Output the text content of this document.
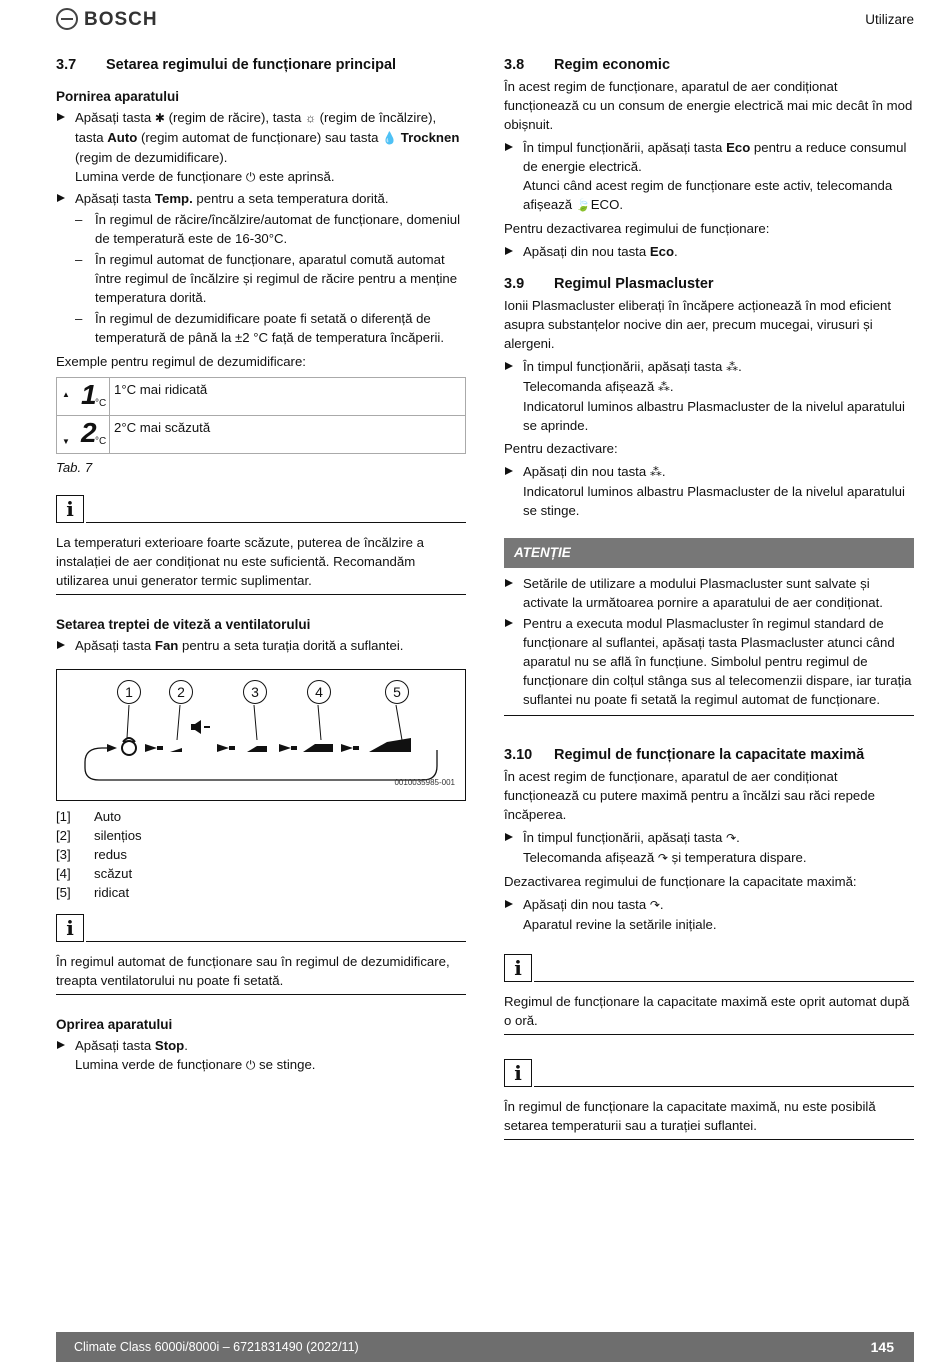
BOSCH	Utilizare
3.7	Setarea regimului de funcționare principal
Pornirea aparatului
Apăsați tasta ✱ (regim de răcire), tasta ☼ (regim de încălzire), tasta Auto (regim automat de funcționare) sau tasta 💧 Trocknen (regim de dezumidificare).
Lumina verde de funcționare ⏻ este aprinsă.
Apăsați tasta Temp. pentru a seta temperatura dorită.
– În regimul de răcire/încălzire/automat de funcționare, domeniul de temperatură este de 16-30°C.
– În regimul automat de funcționare, aparatul comută automat între regimul de încălzire și regimul de răcire pentru a menține temperatura dorită.
– În regimul de dezumidificare poate fi setată o diferență de temperatură de până la ±2 °C față de temperatura încăperii.

Exemple pentru regimul de dezumidificare:

▲ 1
°C	1°C mai ridicată

▼ 2
°C	2°C mai scăzută
Tab. 7
i
La temperaturi exterioare foarte scăzute, puterea de încălzire a instalației de aer condiționat nu este suficientă. Recomandăm utilizarea unui generator termic suplimentar.
Setarea treptei de viteză a ventilatorului
Apăsați tasta Fan pentru a seta turația dorită a suflantei.
1	2	3	4	5
0010035985-001
[1]	Auto
[2]	silențios
[3]	redus
[4]	scăzut
[5]	ridicat
i
În regimul automat de funcționare sau în regimul de dezumidificare, treapta ventilatorului nu poate fi setată.
Oprirea aparatului
Apăsați tasta Stop.
Lumina verde de funcționare ⏻ se stinge.
3.8	Regim economic

În acest regim de funcționare, aparatul de aer condiționat funcționează cu un consum de energie electrică mai mic decât în mod obișnuit.

În timpul funcționării, apăsați tasta Eco pentru a reduce consumul de energie electrică.
Atunci când acest regim de funcționare este activ, telecomanda afișează 🍃ECO.

Pentru dezactivarea regimului de funcționare:

Apăsați din nou tasta Eco.
3.9	Regimul Plasmacluster

Ionii Plasmacluster eliberați în încăpere acționează în mod eficient asupra substanțelor nocive din aer, precum mucegai, virusuri și alergeni.

În timpul funcționării, apăsați tasta ⁂.
Telecomanda afișează ⁂.
Indicatorul luminos albastru Plasmacluster de la nivelul aparatului se aprinde.

Pentru dezactivare:

Apăsați din nou tasta ⁂.
Indicatorul luminos albastru Plasmacluster de la nivelul aparatului se stinge.
ATENȚIE
Setările de utilizare a modului Plasmacluster sunt salvate și activate la următoarea pornire a aparatului de aer condiționat.
Pentru a executa modul Plasmacluster în regimul standard de funcționare al suflantei, apăsați tasta Plasmacluster atunci când aparatul nu se află în funcțiune. Simbolul pentru regimul de funcționare din colțul stânga sus al telecomenzii dispare, iar turația suflantei nu poate fi setată la regimul automat de funcționare.
3.10	Regimul de funcționare la capacitate maximă

În acest regim de funcționare, aparatul de aer condiționat funcționează cu putere maximă pentru a încălzi sau răci repede încăperea.

În timpul funcționării, apăsați tasta ↷.
Telecomanda afișează ↷ și temperatura dispare.

Dezactivarea regimului de funcționare la capacitate maximă:

Apăsați din nou tasta ↷.
Aparatul revine la setările inițiale.
i
Regimul de funcționare la capacitate maximă este oprit automat după o oră.
i
În regimul de funcționare la capacitate maximă, nu este posibilă setarea temperaturii sau a turației suflantei.
Climate Class 6000i/8000i – 6721831490 (2022/11)	145
